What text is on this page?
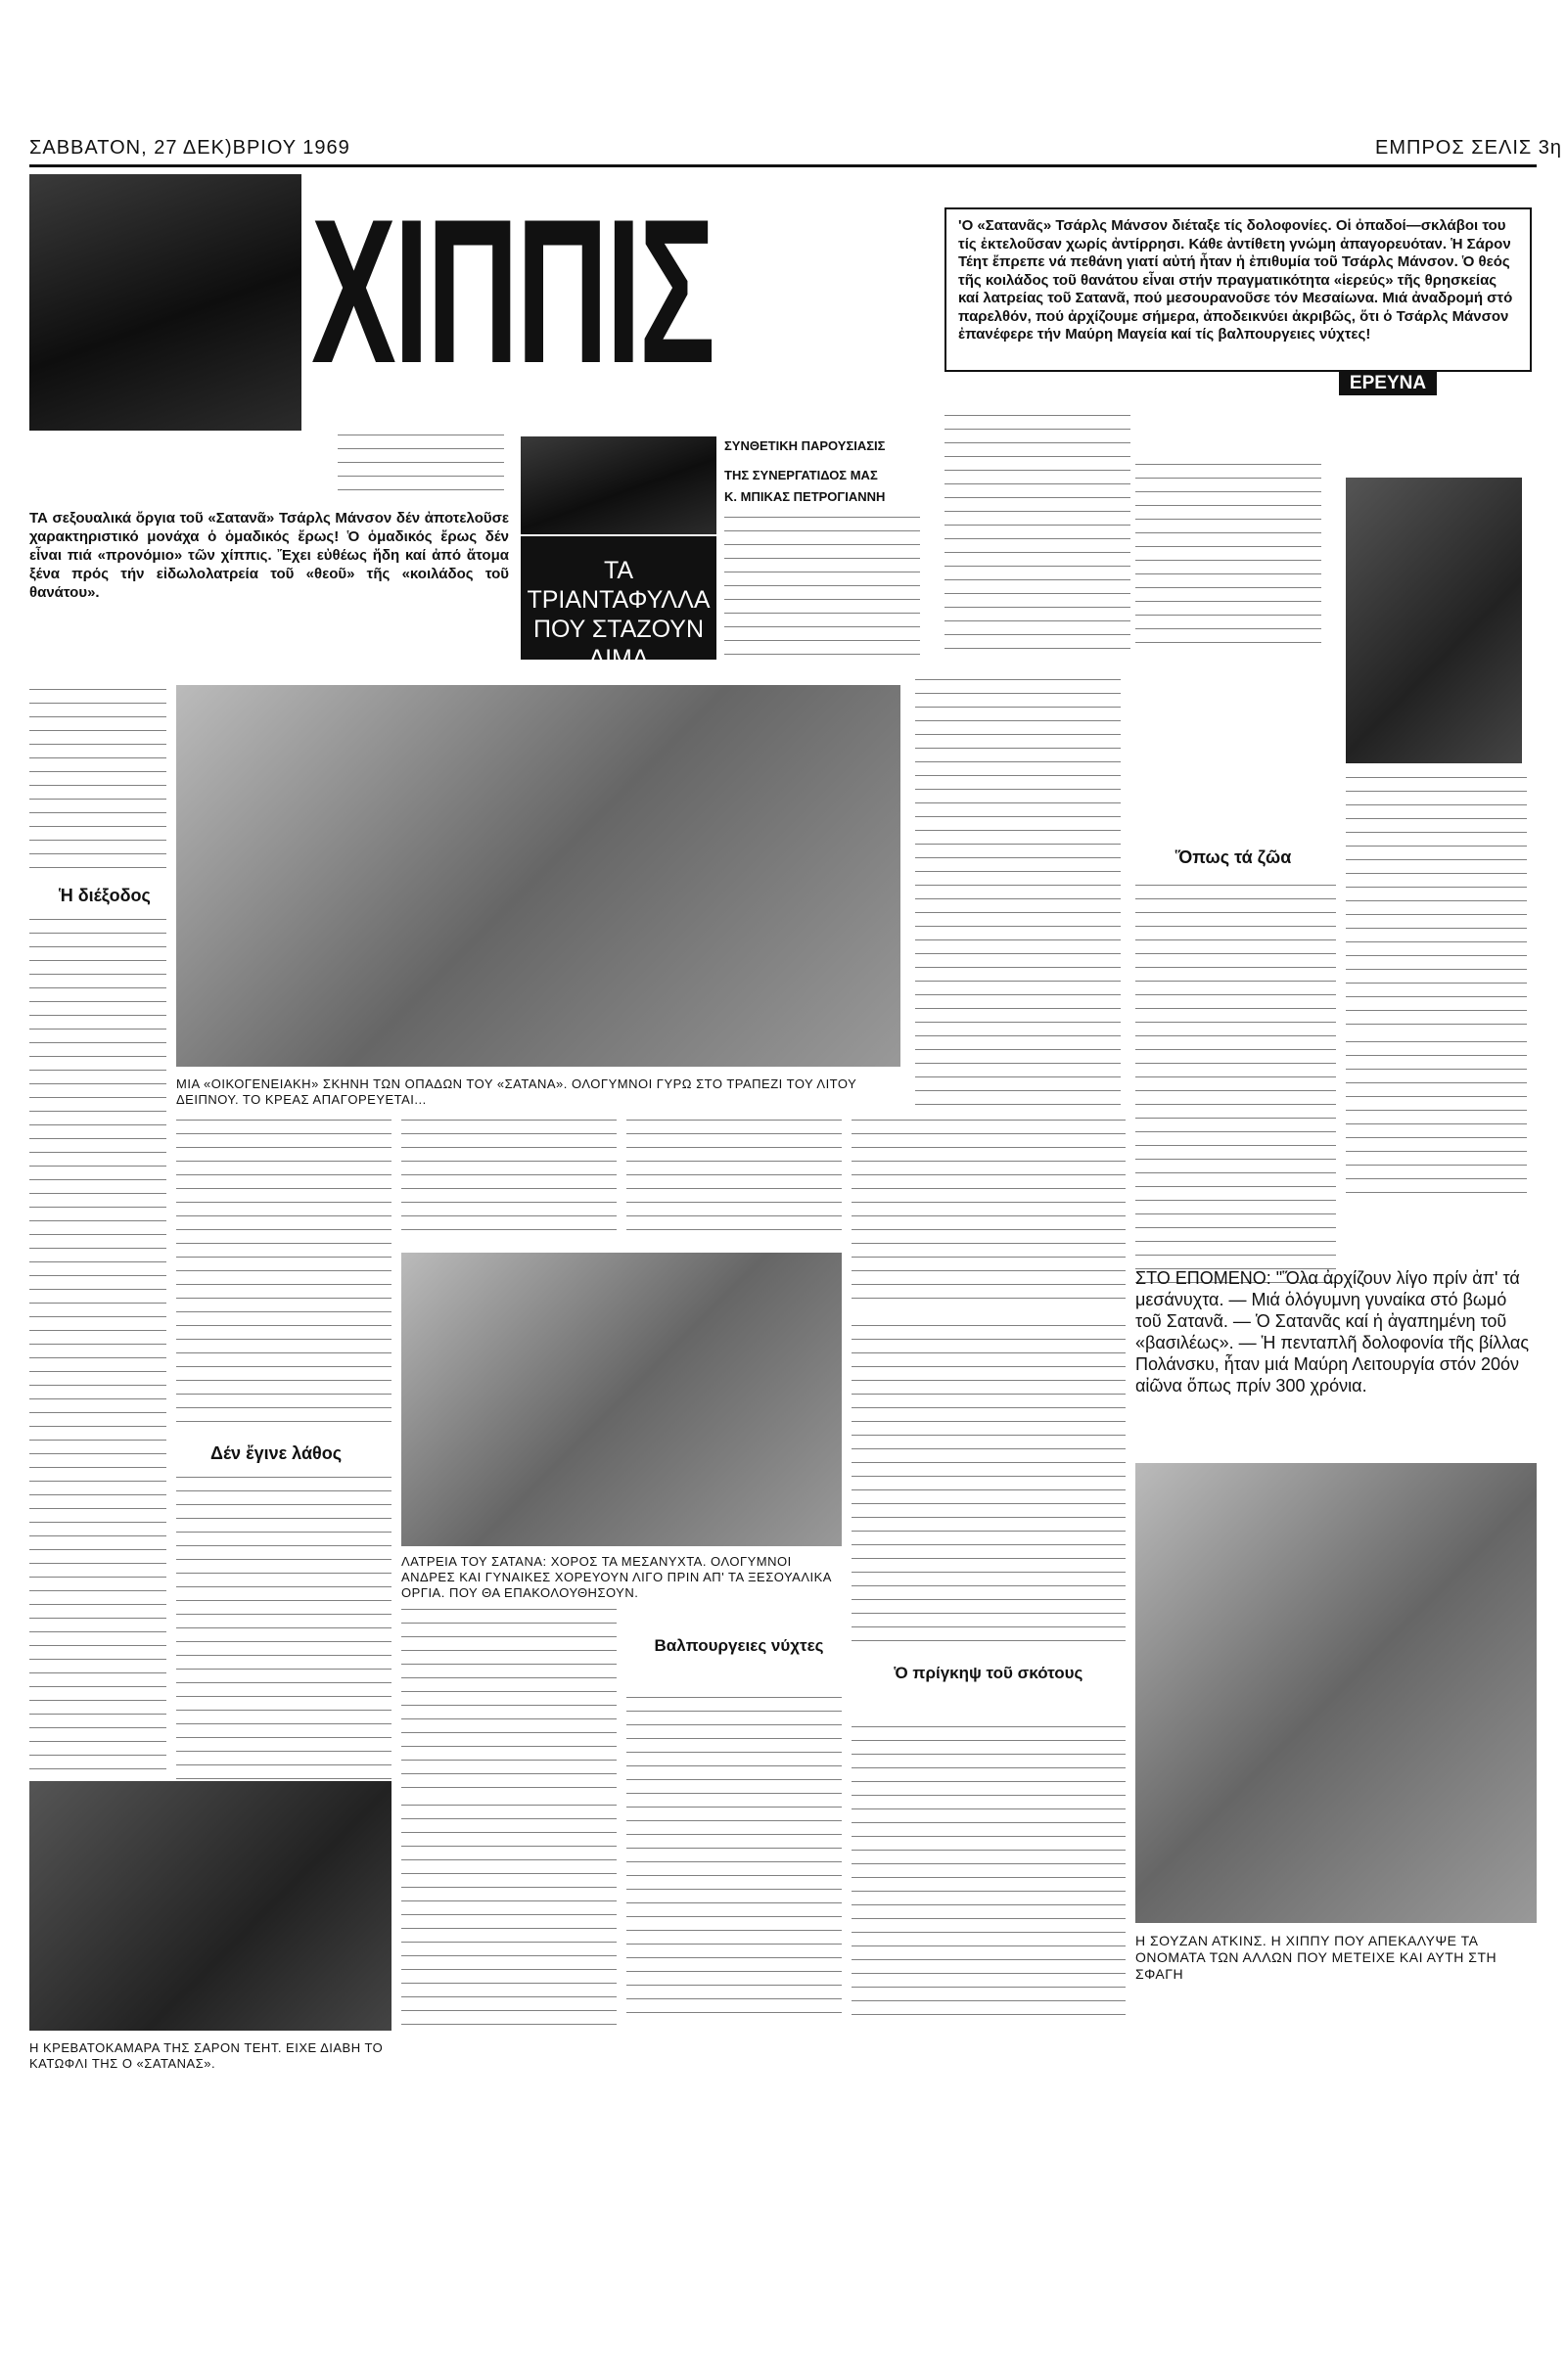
ΣΑΒΒΑΤΟΝ, 27 ΔΕΚ)ΒΡΙΟΥ 1969	ΕΜΠΡΟΣ ΣΕΛΙΣ 3η
ΧΙΠΠΙΣ	'Ο «Σατανᾶς» Τσάρλς Μάνσον διέταξε τίς δολοφονίες. Οἱ ὀπαδοί—σκλάβοι του τίς ἐκτελοῦσαν χωρίς ἀντίρρησι. Κάθε ἀντίθετη γνώμη ἀπαγορευόταν. Ἡ Σάρον Τέητ ἔπρεπε νά πεθάνη γιατί αὐτή ἦταν ἡ ἐπιθυμία τοῦ Τσάρλς Μάνσον. Ὁ θεός τῆς κοιλάδος τοῦ θανάτου εἶναι στήν πραγματικότητα «ἱερεύς» τῆς θρησκείας καί λατρείας τοῦ Σατανᾶ, πού μεσουρανοῦσε τόν Μεσαίωνα. Μιά ἀναδρομή στό παρελθόν, πού ἀρχίζουμε σήμερα, ἀποδεικνύει ἀκριβῶς, ὅτι ὁ Τσάρλς Μάνσον ἐπανέφερε τήν Μαύρη Μαγεία καί τίς βαλπουργειες νύχτες!
ΕΡΕΥΝΑ
ΤΑ ΤΡΙΑΝΤΑΦΥΛΛΑ ΠΟΥ ΣΤΑΖΟΥΝ ΑΙΜΑ
ΣΥΝΘΕΤΙΚΗ ΠΑΡΟΥΣΙΑΣΙΣ
ΤΗΣ ΣΥΝΕΡΓΑΤΙΔΟΣ ΜΑΣ
Κ. ΜΠΙΚΑΣ ΠΕΤΡΟΓΙΑΝΝΗ
ΤΑ σεξουαλικά ὄργια τοῦ «Σατανᾶ» Τσάρλς Μάνσον δέν ἀποτελοῦσε χαρακτηριστικό μονάχα ὁ ὁμαδικός ἔρως! Ὁ ὁμαδικός ἔρως δέν εἶναι πιά «προνόμιο» τῶν χίππις. Ἔχει εὐθέως ἤδη καί ἀπό ἄτομα ξένα πρός τήν εἰδωλολατρεία τοῦ «θεοῦ» τῆς «κοιλάδος τοῦ θανάτου».
Ἡ διέξοδος
ΜΙΑ «ΟΙΚΟΓΕΝΕΙΑΚΗ» ΣΚΗΝΗ ΤΩΝ ΟΠΑΔΩΝ ΤΟΥ «ΣΑΤΑΝΑ». ΟΛΟΓΥΜΝΟΙ ΓΥΡΩ ΣΤΟ ΤΡΑΠΕΖΙ ΤΟΥ ΛΙΤΟΥ ΔΕΙΠΝΟΥ. ΤΟ ΚΡΕΑΣ ΑΠΑΓΟΡΕΥΕΤΑΙ...
Ὅπως τά ζῶα
ΛΑΤΡΕΙΑ ΤΟΥ ΣΑΤΑΝΑ: ΧΟΡΟΣ ΤΑ ΜΕΣΑΝΥΧΤΑ. ΟΛΟΓΥΜΝΟΙ ΑΝΔΡΕΣ ΚΑΙ ΓΥΝΑΙΚΕΣ ΧΟΡΕΥΟΥΝ ΛΙΓΟ ΠΡΙΝ ΑΠ' ΤΑ ΞΕΣΟΥΑΛΙΚΑ ΟΡΓΙΑ. ΠΟΥ ΘΑ ΕΠΑΚΟΛΟΥΘΗΣΟΥΝ.
Δέν ἔγινε λάθος
ΣΤΟ ΕΠΟΜΕΝΟ: "Ὅλα ἀρχίζουν λίγο πρίν ἀπ' τά μεσάνυχτα. — Μιά ὁλόγυμνη γυναίκα στό βωμό τοῦ Σατανᾶ. — Ὁ Σατανᾶς καί ἡ ἀγαπημένη τοῦ «βασιλέως». — Ἡ πενταπλῆ δολοφονία τῆς βίλλας Πολάνσκυ, ἦταν μιά Μαύρη Λειτουργία στόν 20όν αἰῶνα ὅπως πρίν 300 χρόνια.
Η ΣΟΥΖΑΝ ΑΤΚΙΝΣ. Η ΧΙΠΠΥ ΠΟΥ ΑΠΕΚΑΛΥΨΕ ΤΑ ΟΝΟΜΑΤΑ ΤΩΝ ΑΛΛΩΝ ΠΟΥ ΜΕΤΕΙΧΕ ΚΑΙ ΑΥΤΗ ΣΤΗ ΣΦΑΓΗ
Βαλπουργειες νύχτες
Ὁ πρίγκηψ τοῦ σκότους
Η ΚΡΕΒΑΤΟΚΑΜΑΡΑ ΤΗΣ ΣΑΡΟΝ ΤΕΗΤ. ΕΙΧΕ ΔΙΑΒΗ ΤΟ ΚΑΤΩΦΛΙ ΤΗΣ Ο «ΣΑΤΑΝΑΣ».
